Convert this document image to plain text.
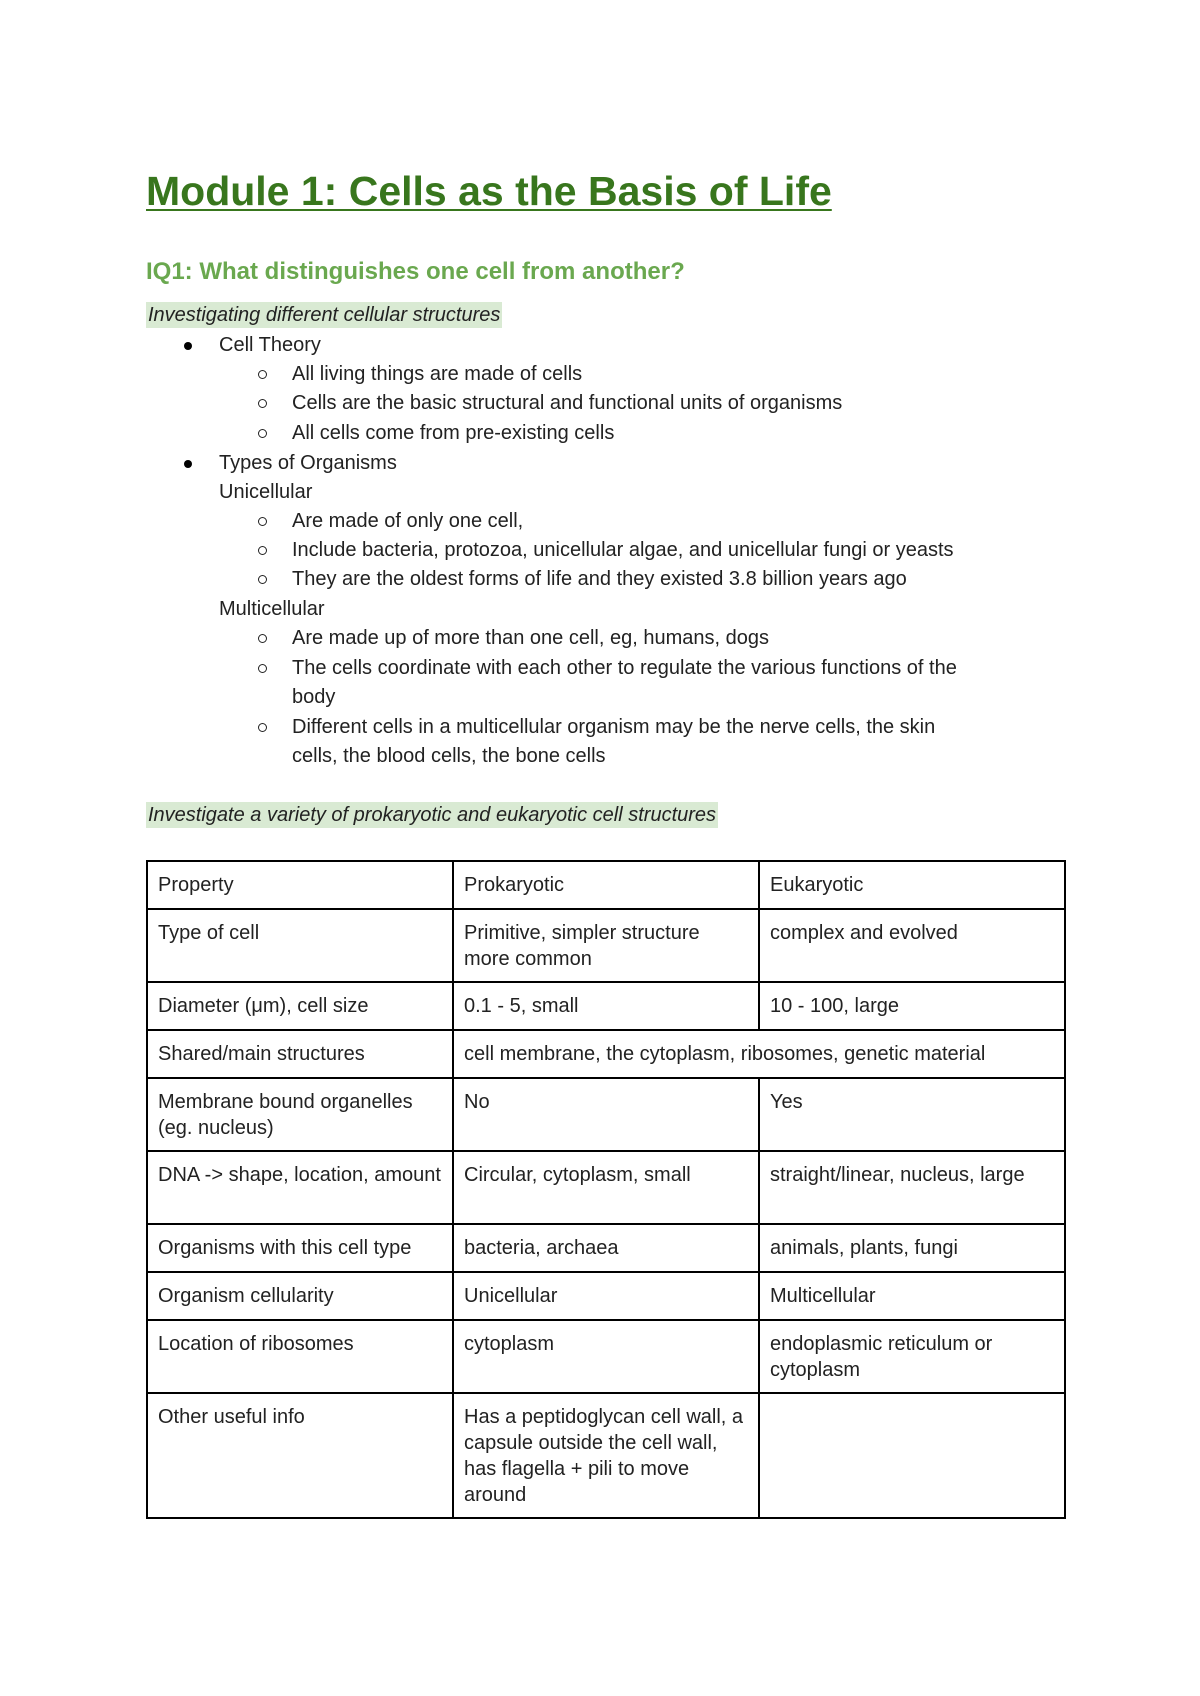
Module 1: Cells as the Basis of Life
IQ1: What distinguishes one cell from another?
Investigating different cellular structures
Cell Theory
All living things are made of cells
Cells are the basic structural and functional units of organisms
All cells come from pre-existing cells
Types of Organisms
Unicellular
Are made of only one cell,
Include bacteria, protozoa, unicellular algae, and unicellular fungi or yeasts
They are the oldest forms of life and they existed 3.8 billion years ago
Multicellular
Are made up of more than one cell, eg, humans, dogs
The cells coordinate with each other to regulate the various functions of the
body
Different cells in a multicellular organism may be the nerve cells, the skin
cells, the blood cells, the bone cells
Investigate a variety of prokaryotic and eukaryotic cell structures
Property	Prokaryotic	Eukaryotic
Type of cell	Primitive, simpler structure more common	complex and evolved
Diameter (μm), cell size	0.1 - 5, small	10 - 100, large
Shared/main structures	cell membrane, the cytoplasm, ribosomes, genetic material	
Membrane bound organelles (eg. nucleus)	No	Yes
DNA -> shape, location, amount	Circular, cytoplasm, small	straight/linear, nucleus, large
Organisms with this cell type	bacteria, archaea	animals, plants, fungi
Organism cellularity	Unicellular	Multicellular
Location of ribosomes	cytoplasm	endoplasmic reticulum or cytoplasm
Other useful info	Has a peptidoglycan cell wall, a capsule outside the cell wall, has flagella + pili to move around	
